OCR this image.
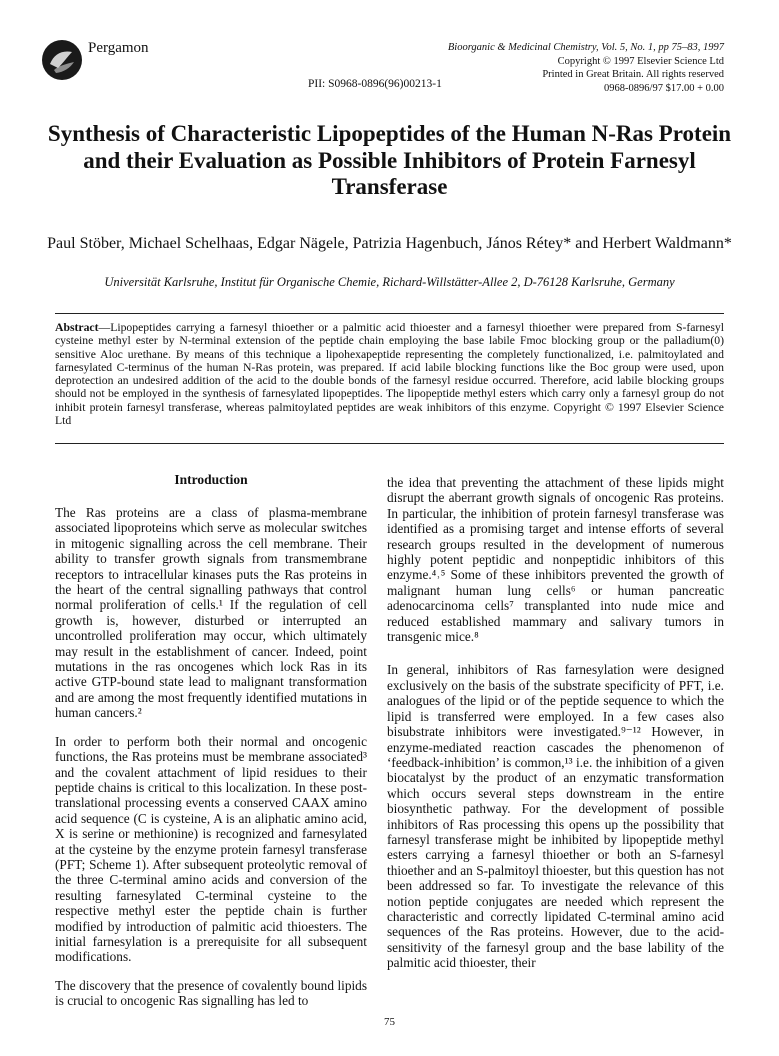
Pergamon
PII: S0968-0896(96)00213-1
Bioorganic & Medicinal Chemistry, Vol. 5, No. 1, pp 75–83, 1997
Copyright © 1997 Elsevier Science Ltd
Printed in Great Britain. All rights reserved
0968-0896/97 $17.00 + 0.00
Synthesis of Characteristic Lipopeptides of the Human N-Ras Protein and their Evaluation as Possible Inhibitors of Protein Farnesyl Transferase
Paul Stöber, Michael Schelhaas, Edgar Nägele, Patrizia Hagenbuch, János Rétey* and Herbert Waldmann*
Universität Karlsruhe, Institut für Organische Chemie, Richard-Willstätter-Allee 2, D-76128 Karlsruhe, Germany
Abstract—Lipopeptides carrying a farnesyl thioether or a palmitic acid thioester and a farnesyl thioether were prepared from S-farnesyl cysteine methyl ester by N-terminal extension of the peptide chain employing the base labile Fmoc blocking group or the palladium(0) sensitive Aloc urethane. By means of this technique a lipohexapeptide representing the completely functionalized, i.e. palmitoylated and farnesylated C-terminus of the human N-Ras protein, was prepared. If acid labile blocking functions like the Boc group were used, upon deprotection an undesired addition of the acid to the double bonds of the farnesyl residue occurred. Therefore, acid labile blocking groups should not be employed in the synthesis of farnesylated lipopeptides. The lipopeptide methyl esters which carry only a farnesyl group do not inhibit protein farnesyl transferase, whereas palmitoylated peptides are weak inhibitors of this enzyme. Copyright © 1997 Elsevier Science Ltd
Introduction

The Ras proteins are a class of plasma-membrane associated lipoproteins which serve as molecular switches in mitogenic signalling across the cell membrane. Their ability to transfer growth signals from transmembrane receptors to intracellular kinases puts the Ras proteins in the heart of the central signalling pathways that control normal proliferation of cells.¹ If the regulation of cell growth is, however, disturbed or interrupted an uncontrolled proliferation may occur, which ultimately may result in the establishment of cancer. Indeed, point mutations in the ras oncogenes which lock Ras in its active GTP-bound state lead to malignant transformation and are among the most frequently identified mutations in human cancers.²

In order to perform both their normal and oncogenic functions, the Ras proteins must be membrane associated³ and the covalent attachment of lipid residues to their peptide chains is critical to this localization. In these post-translational processing events a conserved CAAX amino acid sequence (C is cysteine, A is an aliphatic amino acid, X is serine or methionine) is recognized and farnesylated at the cysteine by the enzyme protein farnesyl transferase (PFT; Scheme 1). After subsequent proteolytic removal of the three C-terminal amino acids and conversion of the resulting farnesylated C-terminal cysteine to the respective methyl ester the peptide chain is further modified by introduction of palmitic acid thioesters. The initial farnesylation is a prerequisite for all subsequent modifications.

The discovery that the presence of covalently bound lipids is crucial to oncogenic Ras signalling has led to

the idea that preventing the attachment of these lipids might disrupt the aberrant growth signals of oncogenic Ras proteins. In particular, the inhibition of protein farnesyl transferase was identified as a promising target and intense efforts of several research groups resulted in the development of numerous highly potent peptidic and nonpeptidic inhibitors of this enzyme.⁴˒⁵ Some of these inhibitors prevented the growth of malignant human lung cells⁶ or human pancreatic adenocarcinoma cells⁷ transplanted into nude mice and reduced established mammary and salivary tumors in transgenic mice.⁸

In general, inhibitors of Ras farnesylation were designed exclusively on the basis of the substrate specificity of PFT, i.e. analogues of the lipid or of the peptide sequence to which the lipid is transferred were employed. In a few cases also bisubstrate inhibitors were investigated.⁹⁻¹² However, in enzyme-mediated reaction cascades the phenomenon of ‘feedback-inhibition’ is common,¹³ i.e. the inhibition of a given biocatalyst by the product of an enzymatic transformation which occurs several steps downstream in the entire biosynthetic pathway. For the development of possible inhibitors of Ras processing this opens up the possibility that farnesyl transferase might be inhibited by lipopeptide methyl esters carrying a farnesyl thioether or both an S-farnesyl thioether and an S-palmitoyl thioester, but this question has not been addressed so far. To investigate the relevance of this notion peptide conjugates are needed which represent the characteristic and correctly lipidated C-terminal amino acid sequences of the Ras proteins. However, due to the acid-sensitivity of the farnesyl group and the base lability of the palmitic acid thioester, their

75
